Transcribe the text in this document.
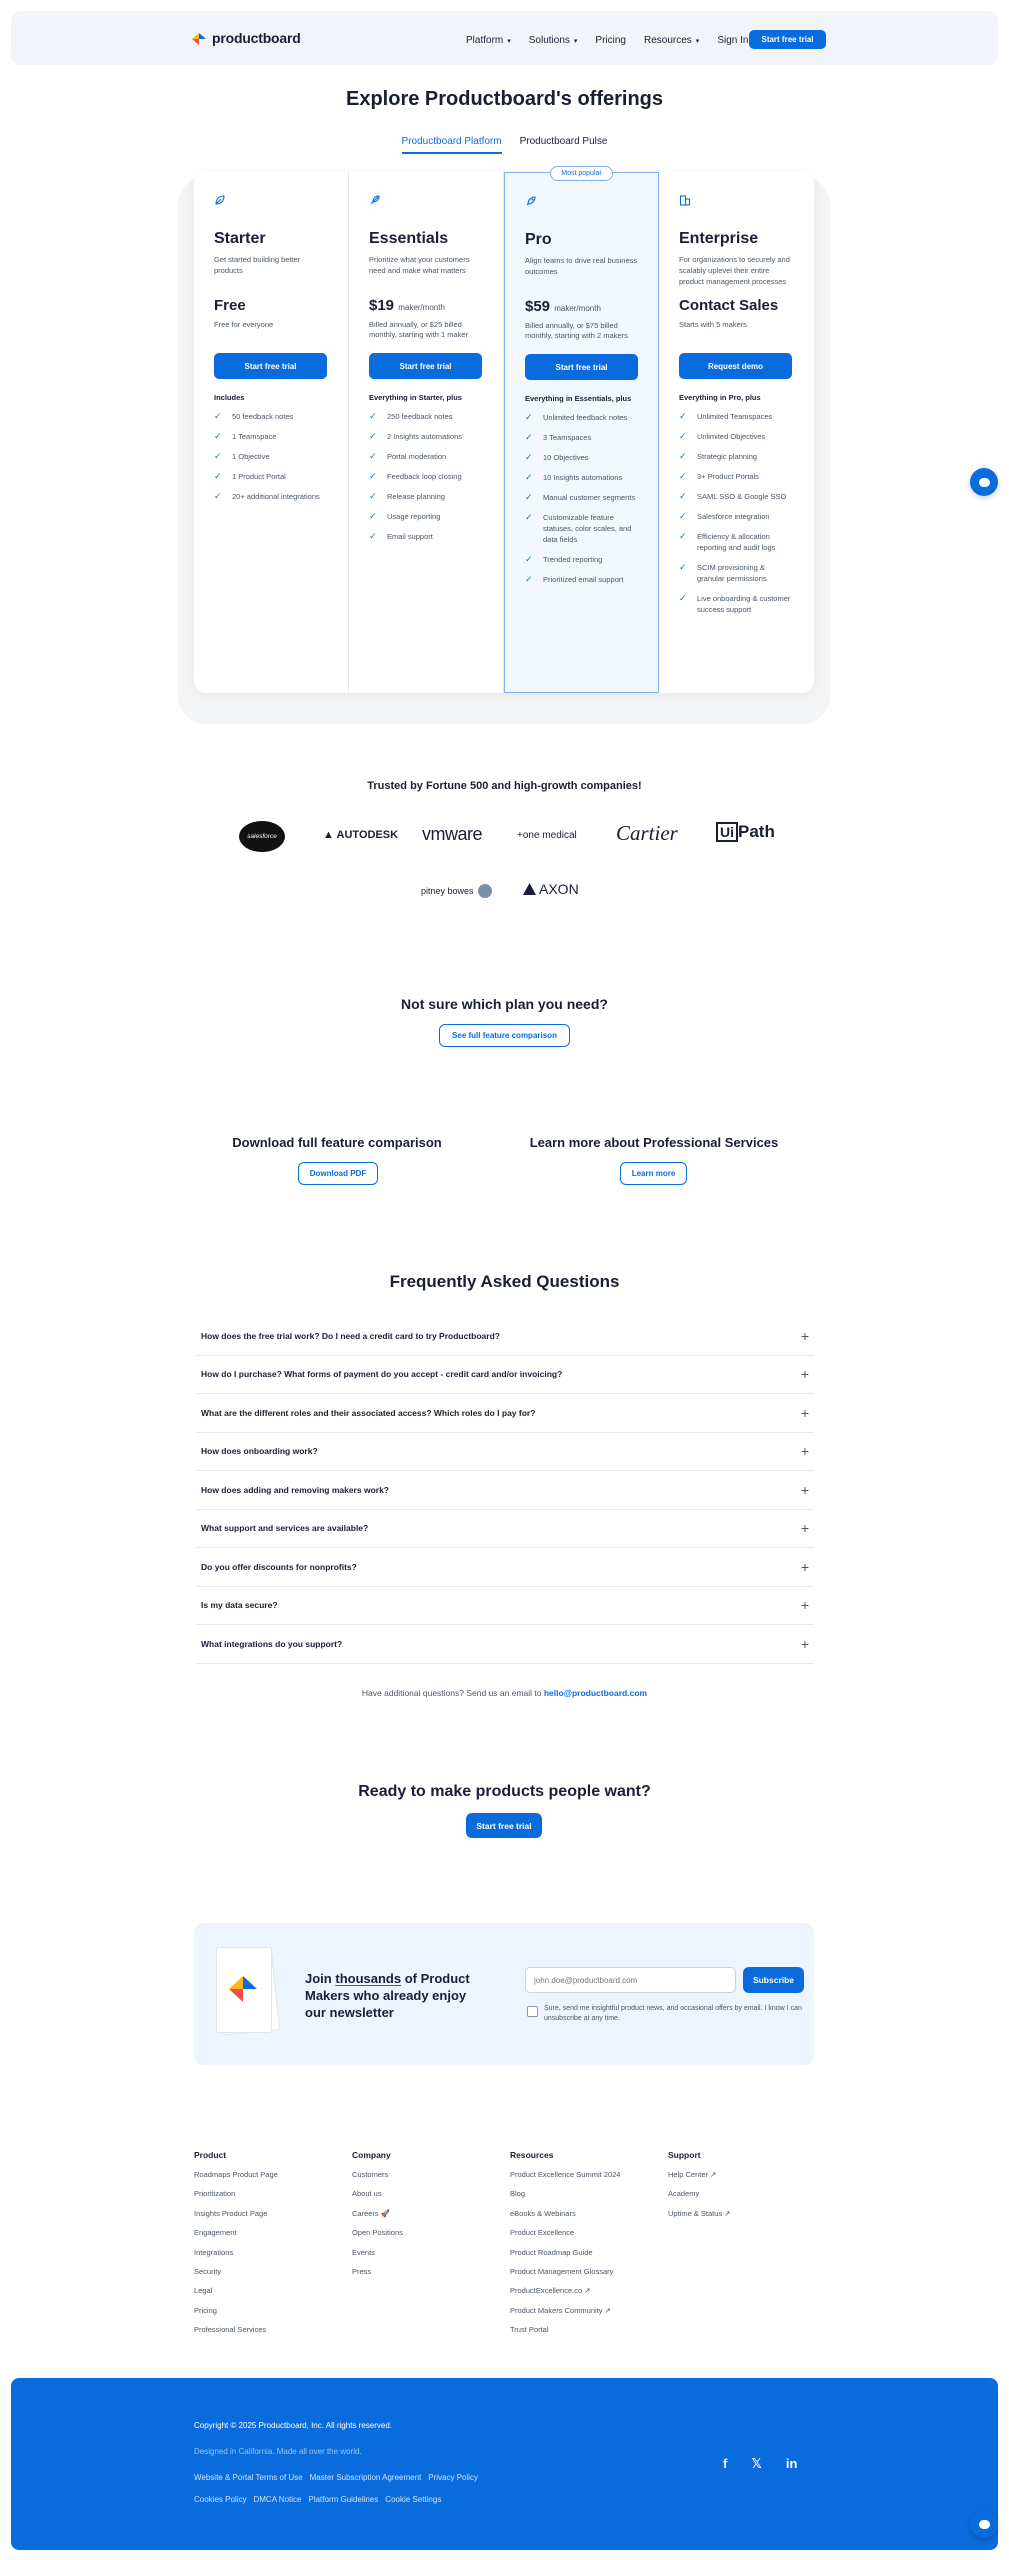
productboard	Platform ▾ Solutions ▾ Pricing Resources ▾ Sign In	Start free trial
Explore Productboard's offerings
Productboard Platform Productboard Pulse
Starter
Get started building better products
Free
Free for everyone
Start free trial
Includes
✓	50 feedback notes
✓	1 Teamspace
✓	1 Objective
✓	1 Product Portal
✓	20+ additional integrations
Essentials
Prioritize what your customers need and make what matters
$19 maker/month
Billed annually, or $25 billed monthly, starting with 1 maker
Start free trial
Everything in Starter, plus
✓	250 feedback notes
✓	2 Insights automations
✓	Portal moderation
✓	Feedback loop closing
✓	Release planning
✓	Usage reporting
✓	Email support
Most popular
Pro
Align teams to drive real business outcomes
$59 maker/month
Billed annually, or $75 billed monthly, starting with 2 makers
Start free trial
Everything in Essentials, plus
✓	Unlimited feedback notes
✓	3 Teamspaces
✓	10 Objectives
✓	10 Insights automations
✓	Manual customer segments
✓	Customizable feature statuses, color scales, and data fields
✓	Trended reporting
✓	Prioritized email support
Enterprise
For organizations to securely and scalably uplevel their entire product management processes
Contact Sales
Starts with 5 makers
Request demo
Everything in Pro, plus
✓	Unlimited Teamspaces
✓	Unlimited Objectives
✓	Strategic planning
✓	3+ Product Portals
✓	SAML SSO & Google SSO
✓	Salesforce integration
✓	Efficiency & allocation reporting and audit logs
✓	SCIM provisioning & granular permissions
✓	Live onboarding & customer success support
Trusted by Fortune 500 and high-growth companies!
salesforce	▲ AUTODESK vmware	+one medical Cartier	Ui Path
pitney bowes	AXON
Not sure which plan you need?
See full feature comparison
Download full feature comparison
Download PDF
Learn more about Professional Services
Learn more
Frequently Asked Questions
How does the free trial work? Do I need a credit card to try Productboard?	+
How do I purchase? What forms of payment do you accept - credit card and/or invoicing?	+
What are the different roles and their associated access? Which roles do I pay for?	+
How does onboarding work?	+
How does adding and removing makers work?	+
What support and services are available?	+
Do you offer discounts for nonprofits?	+
Is my data secure?	+
What integrations do you support?	+
Have additional questions? Send us an email to hello@productboard.com
Ready to make products people want?
Start free trial
Join thousands of Product Makers who already enjoy our newsletter
john.doe@productboard.com
Subscribe
Sure, send me insightful product news, and occasional offers by email. I know I can unsubscribe at any time.
Product
Roadmaps Product Page
Prioritization
Insights Product Page
Engagement
Integrations
Security
Legal
Pricing
Professional Services
Company
Customers
About us
Careers 🚀
Open Positions
Events
Press
Resources
Product Excellence Summit 2024
Blog
eBooks & Webinars
Product Excellence
Product Roadmap Guide
Product Management Glossary
ProductExcellence.co ↗
Product Makers Community ↗
Trust Portal
Support
Help Center ↗
Academy
Uptime & Status ↗
Copyright © 2025 Productboard, Inc. All rights reserved.
Designed in California. Made all over the world.
Website & Portal Terms of Use Master Subscription Agreement Privacy Policy
Cookies Policy DMCA Notice Platform Guidelines Cookie Settings
f 𝕏 in
